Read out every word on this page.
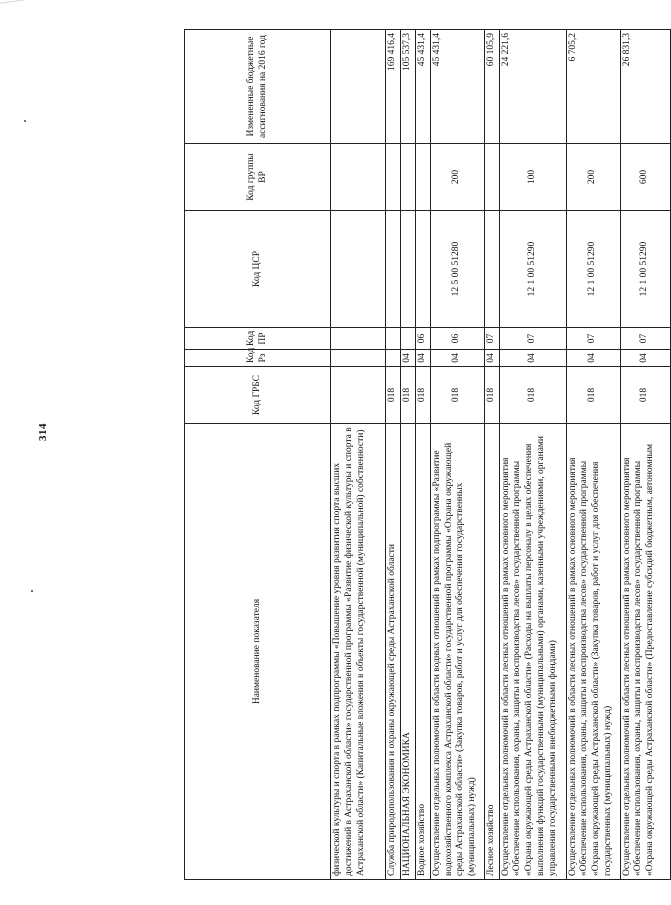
314
Наименование показателя	Код ГРБС	Код Рз	Код ПР	Код ЦСР	Код группы ВР	Измененные бюджетные ассигнования на 2016 год
физической культуры и спорта в рамках подпрограммы «Повышение уровня развития спорта высших достижений в Астраханской области» государственной программы «Развитие физической культуры и спорта в Астраханской области» (Капитальные вложения в объекты государственной (муниципальной) собственности)						
Служба природопользования и охраны окружающей среды Астраханской области	018					169 416,4
НАЦИОНАЛЬНАЯ ЭКОНОМИКА	018	04				105 537,3
Водное хозяйство	018	04	06			45 431,4
Осуществление отдельных полномочий в области водных отношений в рамках подпрограммы «Развитие водохозяйственного комплекса Астраханской области» государственной программы «Охрана окружающей среды Астраханской области» (Закупка товаров, работ и услуг для обеспечения государственных (муниципальных) нужд)	018	04	06	12 5 00 51280	200	45 431,4
Лесное хозяйство	018	04	07			60 105,9
Осуществление отдельных полномочий в области лесных отношений в рамках основного мероприятия «Обеспечение использования, охраны, защиты и воспроизводства лесов» государственной программы «Охрана окружающей среды Астраханской области» (Расходы на выплаты персоналу в целях обеспечения выполнения функций государственными (муниципальными) органами, казенными учреждениями, органами управления государственными внебюджетными фондами)	018	04	07	12 1 00 51290	100	24 221,6
Осуществление отдельных полномочий в области лесных отношений в рамках основного мероприятия «Обеспечение использования, охраны, защиты и воспроизводства лесов» государственной программы «Охрана окружающей среды Астраханской области» (Закупка товаров, работ и услуг для обеспечения государственных (муниципальных) нужд)	018	04	07	12 1 00 51290	200	6 705,2
Осуществление отдельных полномочий в области лесных отношений в рамках основного мероприятия «Обеспечение использования, охраны, защиты и воспроизводства лесов» государственной программы «Охрана окружающей среды Астраханской области» (Предоставление субсидий бюджетным, автономным	018	04	07	12 1 00 51290	600	26 831,3
